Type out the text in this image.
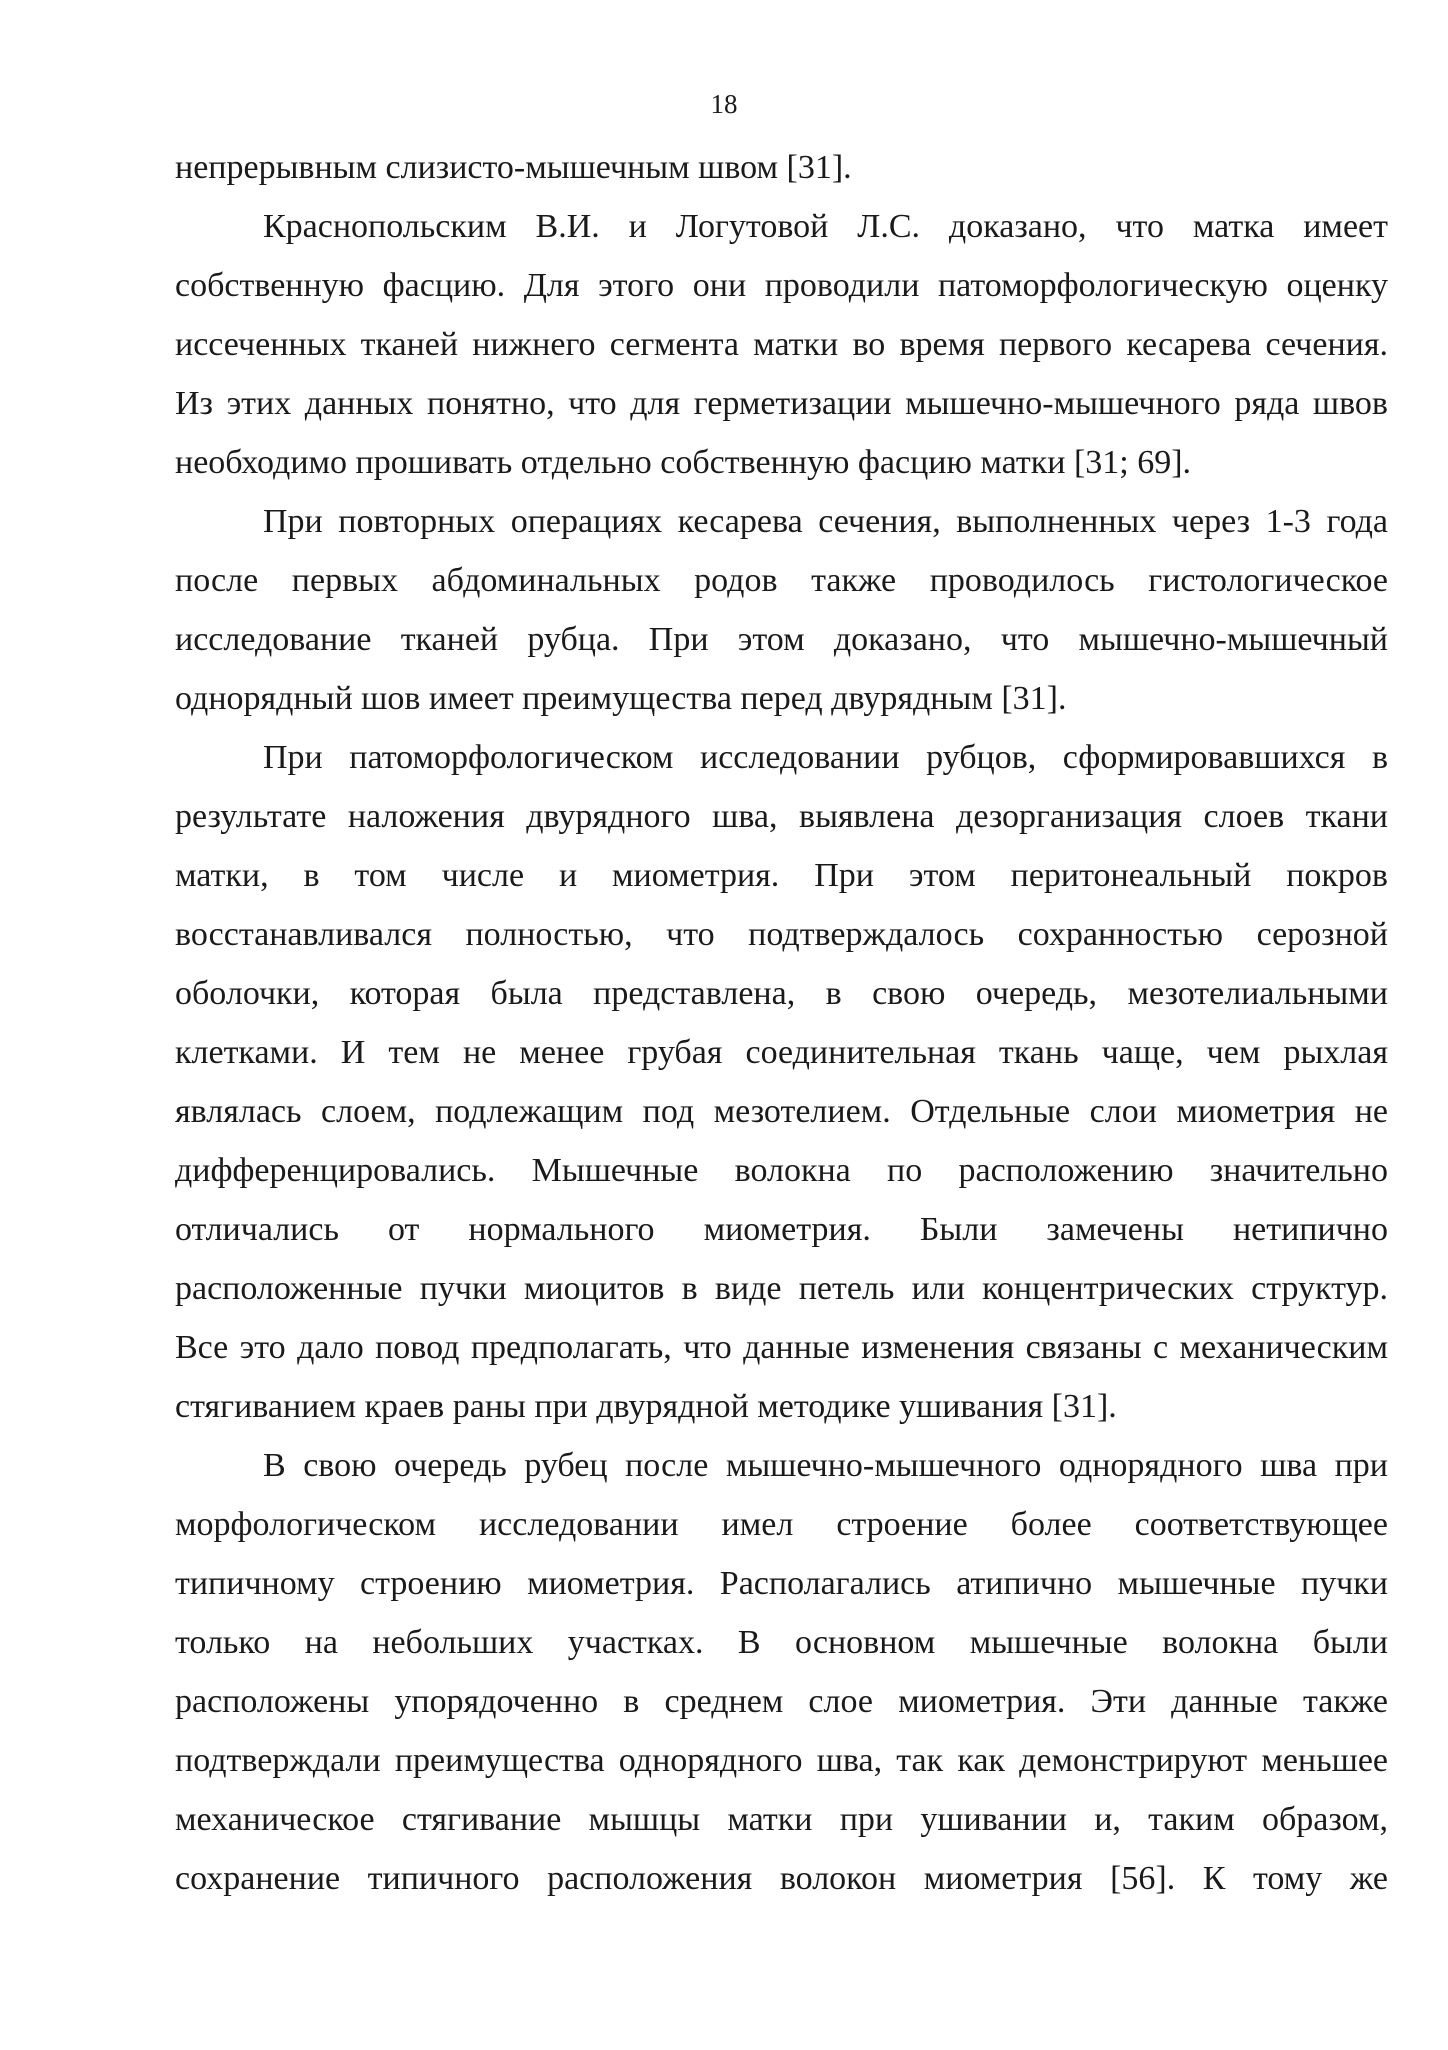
18
непрерывным слизисто-мышечным швом [31].
Краснопольским В.И. и Логутовой Л.С. доказано, что матка имеет
собственную фасцию. Для этого они проводили патоморфологическую оценку
иссеченных тканей нижнего сегмента матки во время первого кесарева сечения.
Из этих данных понятно, что для герметизации мышечно-мышечного ряда швов
необходимо прошивать отдельно собственную фасцию матки [31; 69].
При повторных операциях кесарева сечения, выполненных через 1-3 года
после первых абдоминальных родов также проводилось гистологическое
исследование тканей рубца. При этом доказано, что мышечно-мышечный
однорядный шов имеет преимущества перед двурядным [31].
При патоморфологическом исследовании рубцов, сформировавшихся в
результате наложения двурядного шва, выявлена дезорганизация слоев ткани
матки, в том числе и миометрия. При этом перитонеальный покров
восстанавливался полностью, что подтверждалось сохранностью серозной
оболочки, которая была представлена, в свою очередь, мезотелиальными
клетками. И тем не менее грубая соединительная ткань чаще, чем рыхлая
являлась слоем, подлежащим под мезотелием. Отдельные слои миометрия не
дифференцировались. Мышечные волокна по расположению значительно
отличались от нормального миометрия. Были замечены нетипично
расположенные пучки миоцитов в виде петель или концентрических структур.
Все это дало повод предполагать, что данные изменения связаны с механическим
стягиванием краев раны при двурядной методике ушивания [31].
В свою очередь рубец после мышечно-мышечного однорядного шва при
морфологическом исследовании имел строение более соответствующее
типичному строению миометрия. Располагались атипично мышечные пучки
только на небольших участках. В основном мышечные волокна были
расположены упорядоченно в среднем слое миометрия. Эти данные также
подтверждали преимущества однорядного шва, так как демонстрируют меньшее
механическое стягивание мышцы матки при ушивании и, таким образом,
сохранение типичного расположения волокон миометрия [56]. К тому же
